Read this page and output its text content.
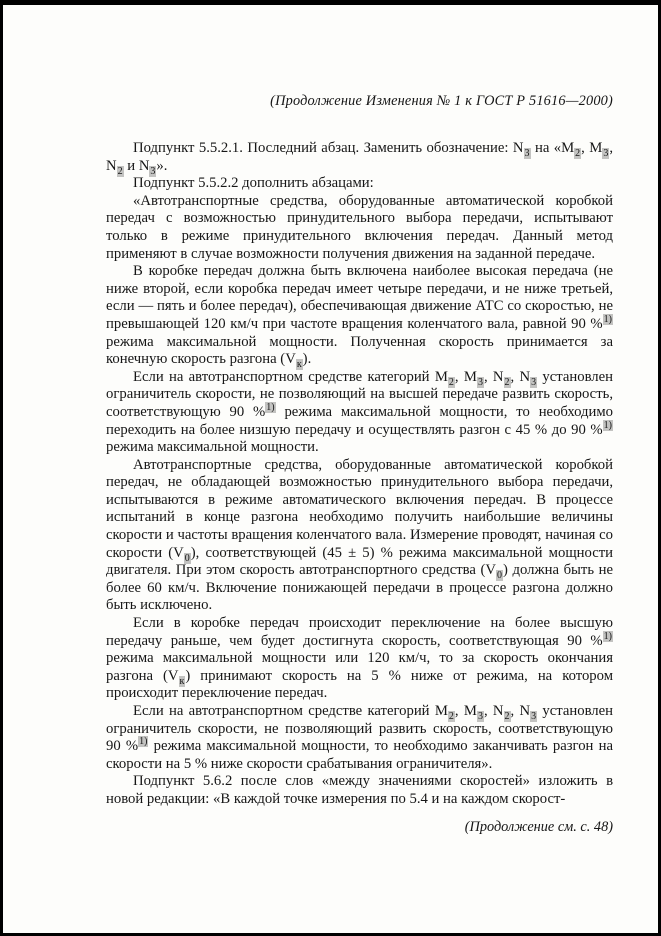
(Продолжение Изменения № 1 к ГОСТ Р 51616—2000)

Подпункт 5.5.2.1. Последний абзац. Заменить обозначение: $N_3$ на «$М_2$, $М_3$, $N_2$ и $N_3$».

Подпункт 5.5.2.2 дополнить абзацами:

«Автотранспортные средства, оборудованные автоматической коробкой передач с возможностью принудительного выбора передачи, испытывают только в режиме принудительного включения передач. Данный метод применяют в случае возможности получения движения на заданной передаче.

В коробке передач должна быть включена наиболее высокая передача (не ниже второй, если коробка передач имеет четыре передачи, и не ниже третьей, если — пять и более передач), обеспечивающая движение АТС со скоростью, не превышающей 120 км/ч при частоте вращения коленчатого вала, равной 90 %$^{1)}$ режима максимальной мощности. Полученная скорость принимается за конечную скорость разгона $(V_к)$.

Если на автотранспортном средстве категорий $М_2$, $М_3$, $N_2$, $N_3$ установлен ограничитель скорости, не позволяющий на высшей передаче развить скорость, соответствующую 90 %$^{1)}$ режима максимальной мощности, то необходимо переходить на более низшую передачу и осуществлять разгон с 45 % до 90 %$^{1)}$ режима максимальной мощности.

Автотранспортные средства, оборудованные автоматической коробкой передач, не обладающей возможностью принудительного выбора передачи, испытываются в режиме автоматического включения передач. В процессе испытаний в конце разгона необходимо получить наибольшие величины скорости и частоты вращения коленчатого вала. Измерение проводят, начиная со скорости $(V_0)$, соответствующей (45 ± 5) % режима максимальной мощности двигателя. При этом скорость автотранспортного средства $(V_0)$ должна быть не более 60 км/ч. Включение понижающей передачи в процессе разгона должно быть исключено.

Если в коробке передач происходит переключение на более высшую передачу раньше, чем будет достигнута скорость, соответствующая 90 %$^{1)}$ режима максимальной мощности или 120 км/ч, то за скорость окончания разгона $(V_к)$ принимают скорость на 5 % ниже от режима, на котором происходит переключение передач.

Если на автотранспортном средстве категорий $М_2$, $М_3$, $N_2$, $N_3$ установлен ограничитель скорости, не позволяющий развить скорость, соответствующую 90 %$^{1)}$ режима максимальной мощности, то необходимо заканчивать разгон на скорости на 5 % ниже скорости срабатывания ограничителя».

Подпункт 5.6.2 после слов «между значениями скоростей» изложить в новой редакции: «В каждой точке измерения по 5.4 и на каждом скорост-

(Продолжение см. с. 48)
